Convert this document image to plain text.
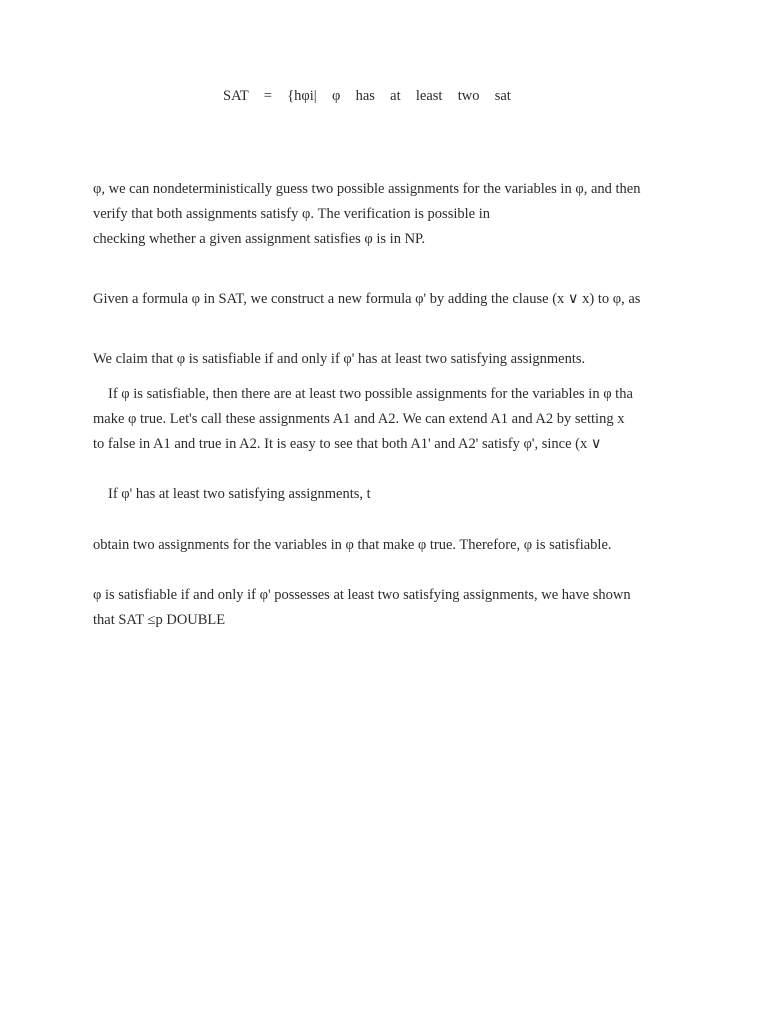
SAT  =  {hφi|  φ  has  at  least  two  sat

φ, we can nondeterministically guess two possible assignments for the variables in φ, and then

verify that both assignments satisfy φ. The verification is possible in

checking whether a given assignment satisfies φ is in NP.

Given a formula φ in SAT, we construct a new formula φ' by adding the clause (x ∨ x) to φ, as

We claim that φ is satisfiable if and only if φ' has at least two satisfying assignments.

If φ is satisfiable, then there are at least two possible assignments for the variables in φ tha

make φ true. Let's call these assignments A1 and A2. We can extend A1 and A2 by setting x

to false in A1 and true in A2. It is easy to see that both A1' and A2' satisfy φ', since (x ∨

If φ' has at least two satisfying assignments, t

obtain two assignments for the variables in φ that make φ true. Therefore, φ is satisfiable.

φ is satisfiable if and only if φ' possesses at least two satisfying assignments, we have shown

that SAT ≤p DOUBLE
